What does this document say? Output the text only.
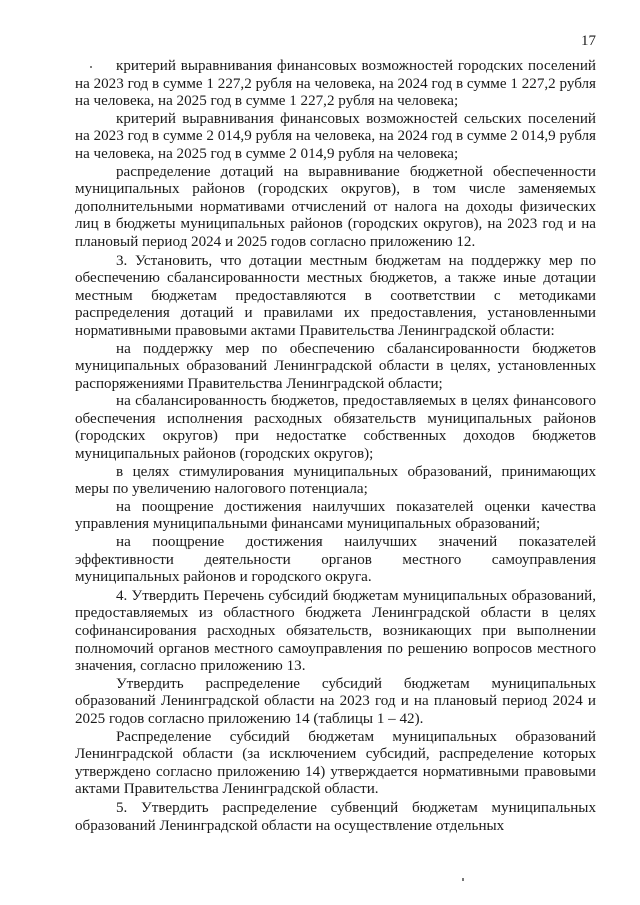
17

критерий выравнивания финансовых возможностей городских поселений на 2023 год в сумме 1 227,2 рубля на человека, на 2024 год в сумме 1 227,2 рубля на человека, на 2025 год в сумме 1 227,2 рубля на человека;

критерий выравнивания финансовых возможностей сельских поселений на 2023 год в сумме 2 014,9 рубля на человека, на 2024 год в сумме 2 014,9 рубля на человека, на 2025 год в сумме 2 014,9 рубля на человека;

распределение дотаций на выравнивание бюджетной обеспеченности муниципальных районов (городских округов), в том числе заменяемых дополнительными нормативами отчислений от налога на доходы физических лиц в бюджеты муниципальных районов (городских округов), на 2023 год и на плановый период 2024 и 2025 годов согласно приложению 12.

3. Установить, что дотации местным бюджетам на поддержку мер по обеспечению сбалансированности местных бюджетов, а также иные дотации местным бюджетам предоставляются в соответствии с методиками распределения дотаций и правилами их предоставления, установленными нормативными правовыми актами Правительства Ленинградской области:

на поддержку мер по обеспечению сбалансированности бюджетов муниципальных образований Ленинградской области в целях, установленных распоряжениями Правительства Ленинградской области;

на сбалансированность бюджетов, предоставляемых в целях финансового обеспечения исполнения расходных обязательств муниципальных районов (городских округов) при недостатке собственных доходов бюджетов муниципальных районов (городских округов);

в целях стимулирования муниципальных образований, принимающих меры по увеличению налогового потенциала;

на поощрение достижения наилучших показателей оценки качества управления муниципальными финансами муниципальных образований;

на поощрение достижения наилучших значений показателей эффективности деятельности органов местного самоуправления муниципальных районов и городского округа.

4. Утвердить Перечень субсидий бюджетам муниципальных образований, предоставляемых из областного бюджета Ленинградской области в целях софинансирования расходных обязательств, возникающих при выполнении полномочий органов местного самоуправления по решению вопросов местного значения, согласно приложению 13.

Утвердить распределение субсидий бюджетам муниципальных образований Ленинградской области на 2023 год и на плановый период 2024 и 2025 годов согласно приложению 14 (таблицы 1 – 42).

Распределение субсидий бюджетам муниципальных образований Ленинградской области (за исключением субсидий, распределение которых утверждено согласно приложению 14) утверждается нормативными правовыми актами Правительства Ленинградской области.

5. Утвердить распределение субвенций бюджетам муниципальных образований Ленинградской области на осуществление отдельных
